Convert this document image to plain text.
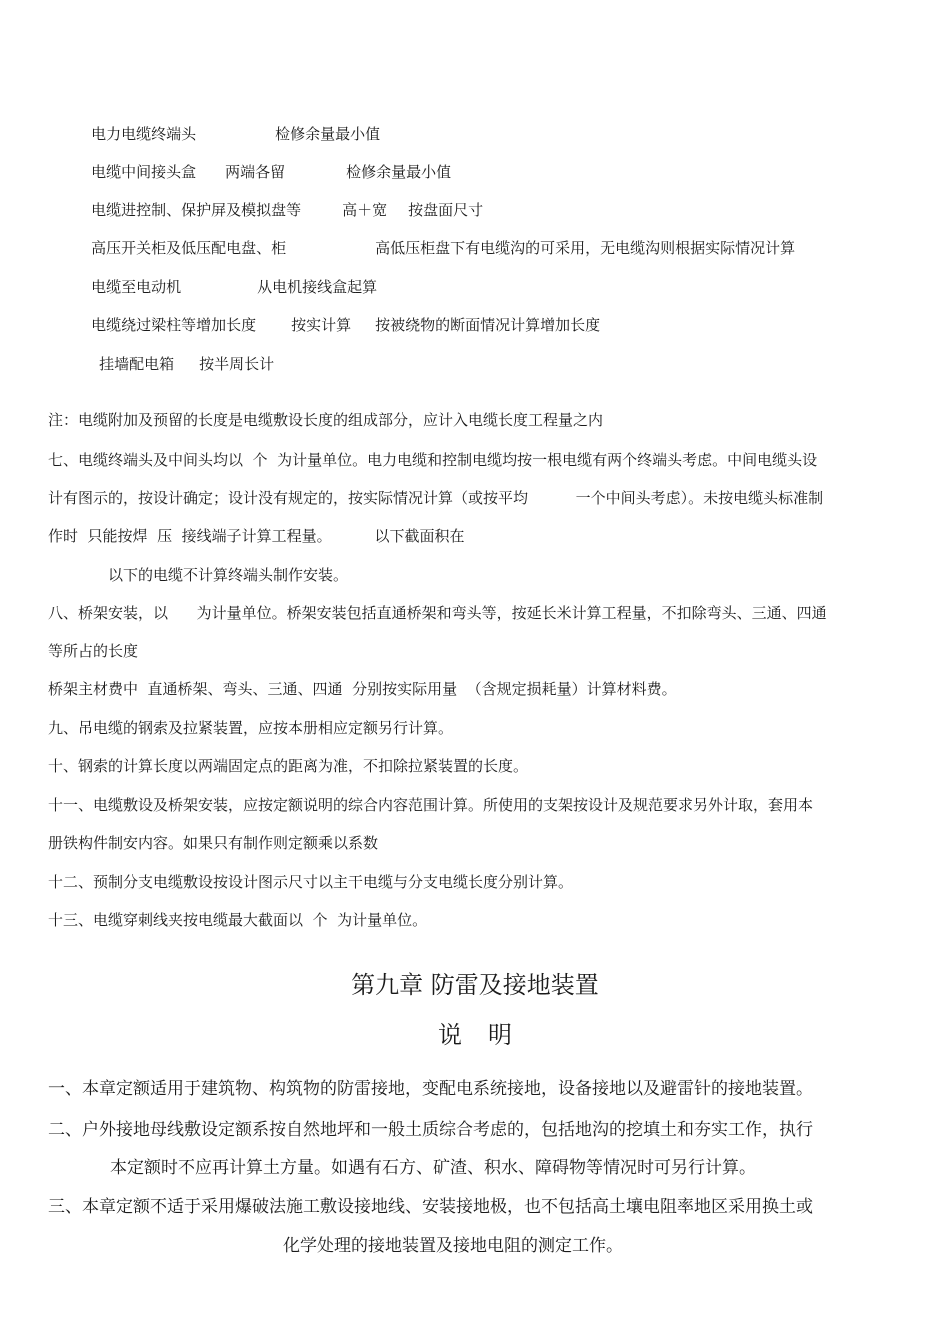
电力电缆终端头	检修余量最小值

电缆中间接头盒 两端各留	检修余量最小值

电缆进控制、保护屏及模拟盘等	高＋宽 按盘面尺寸

高压开关柜及低压配电盘、柜	高低压柜盘下有电缆沟的可采用，无电缆沟则根据实际情况计算

电缆至电动机	从电机接线盒起算

电缆绕过梁柱等增加长度 按实计算 按被绕物的断面情况计算增加长度

挂墙配电箱 按半周长计

注：电缆附加及预留的长度是电缆敷设长度的组成部分，应计入电缆长度工程量之内
七、电缆终端头及中间头均以  个  为计量单位。电力电缆和控制电缆均按一根电缆有两个终端头考虑。中间电缆头设
计有图示的，按设计确定；设计没有规定的，按实际情况计算（或按平均          一个中间头考虑）。未按电缆头标准制
作时  只能按焊  压  接线端子计算工程量。         以下截面积在
以下的电缆不计算终端头制作安装。
八、桥架安装，以      为计量单位。桥架安装包括直通桥架和弯头等，按延长米计算工程量，不扣除弯头、三通、四通
等所占的长度
桥架主材费中  直通桥架、弯头、三通、四通  分别按实际用量  （含规定损耗量）计算材料费。
九、吊电缆的钢索及拉紧装置，应按本册相应定额另行计算。
十、钢索的计算长度以两端固定点的距离为准，不扣除拉紧装置的长度。
十一、电缆敷设及桥架安装，应按定额说明的综合内容范围计算。所使用的支架按设计及规范要求另外计取，套用本
册铁构件制安内容。如果只有制作则定额乘以系数
十二、预制分支电缆敷设按设计图示尺寸以主干电缆与分支电缆长度分别计算。
十三、电缆穿刺线夹按电缆最大截面以  个  为计量单位。
第九章 防雷及接地装置
说明
一、本章定额适用于建筑物、构筑物的防雷接地，变配电系统接地，设备接地以及避雷针的接地装置。
二、户外接地母线敷设定额系按自然地坪和一般土质综合考虑的，包括地沟的挖填土和夯实工作，执行
本定额时不应再计算土方量。如遇有石方、矿渣、积水、障碍物等情况时可另行计算。
三、本章定额不适于采用爆破法施工敷设接地线、安装接地极，也不包括高土壤电阻率地区采用换土或
化学处理的接地装置及接地电阻的测定工作。
